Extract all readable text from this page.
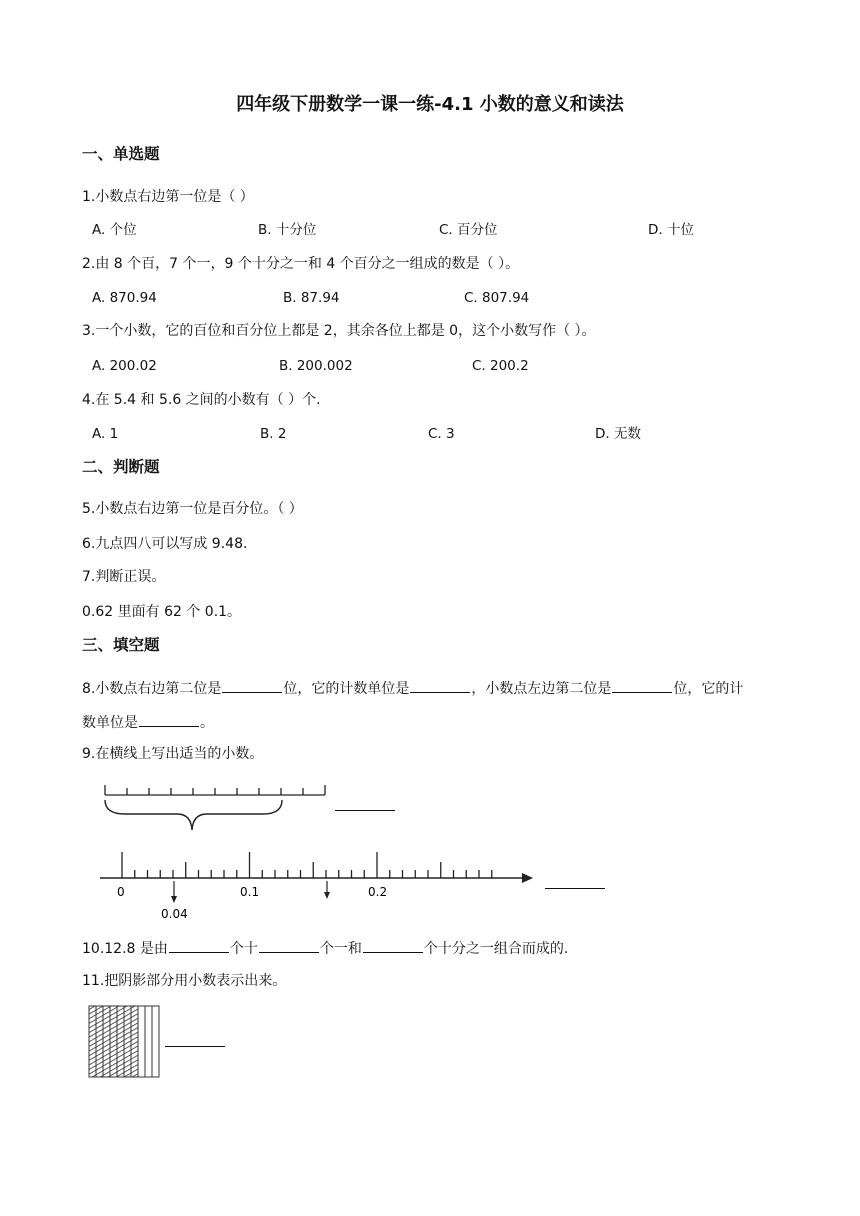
四年级下册数学一课一练-4.1 小数的意义和读法
一、单选题
1.小数点右边第一位是（ ）
A. 个位	B. 十分位	C. 百分位	D. 十位
2.由 8 个百，7 个一，9 个十分之一和 4 个百分之一组成的数是（ ）。
A. 870.94	B. 87.94	C. 807.94
3.一个小数，它的百位和百分位上都是 2，其余各位上都是 0，这个小数写作（ ）。
A. 200.02	B. 200.002	C. 200.2
4.在 5.4 和 5.6 之间的小数有（ ）个.
A. 1	B. 2	C. 3	D. 无数
二、判断题
5.小数点右边第一位是百分位。（ ）
6.九点四八可以写成 9.48.
7.判断正误。
0.62 里面有 62 个 0.1。
三、填空题
8.小数点右边第二位是	位，它的计数单位是	，小数点左边第二位是	位，它的计
数单位是	。
9.在横线上写出适当的小数。
0	0.1	0.2
0.04
10.12.8 是由	个十	个一和	个十分之一组合而成的.
11.把阴影部分用小数表示出来。
